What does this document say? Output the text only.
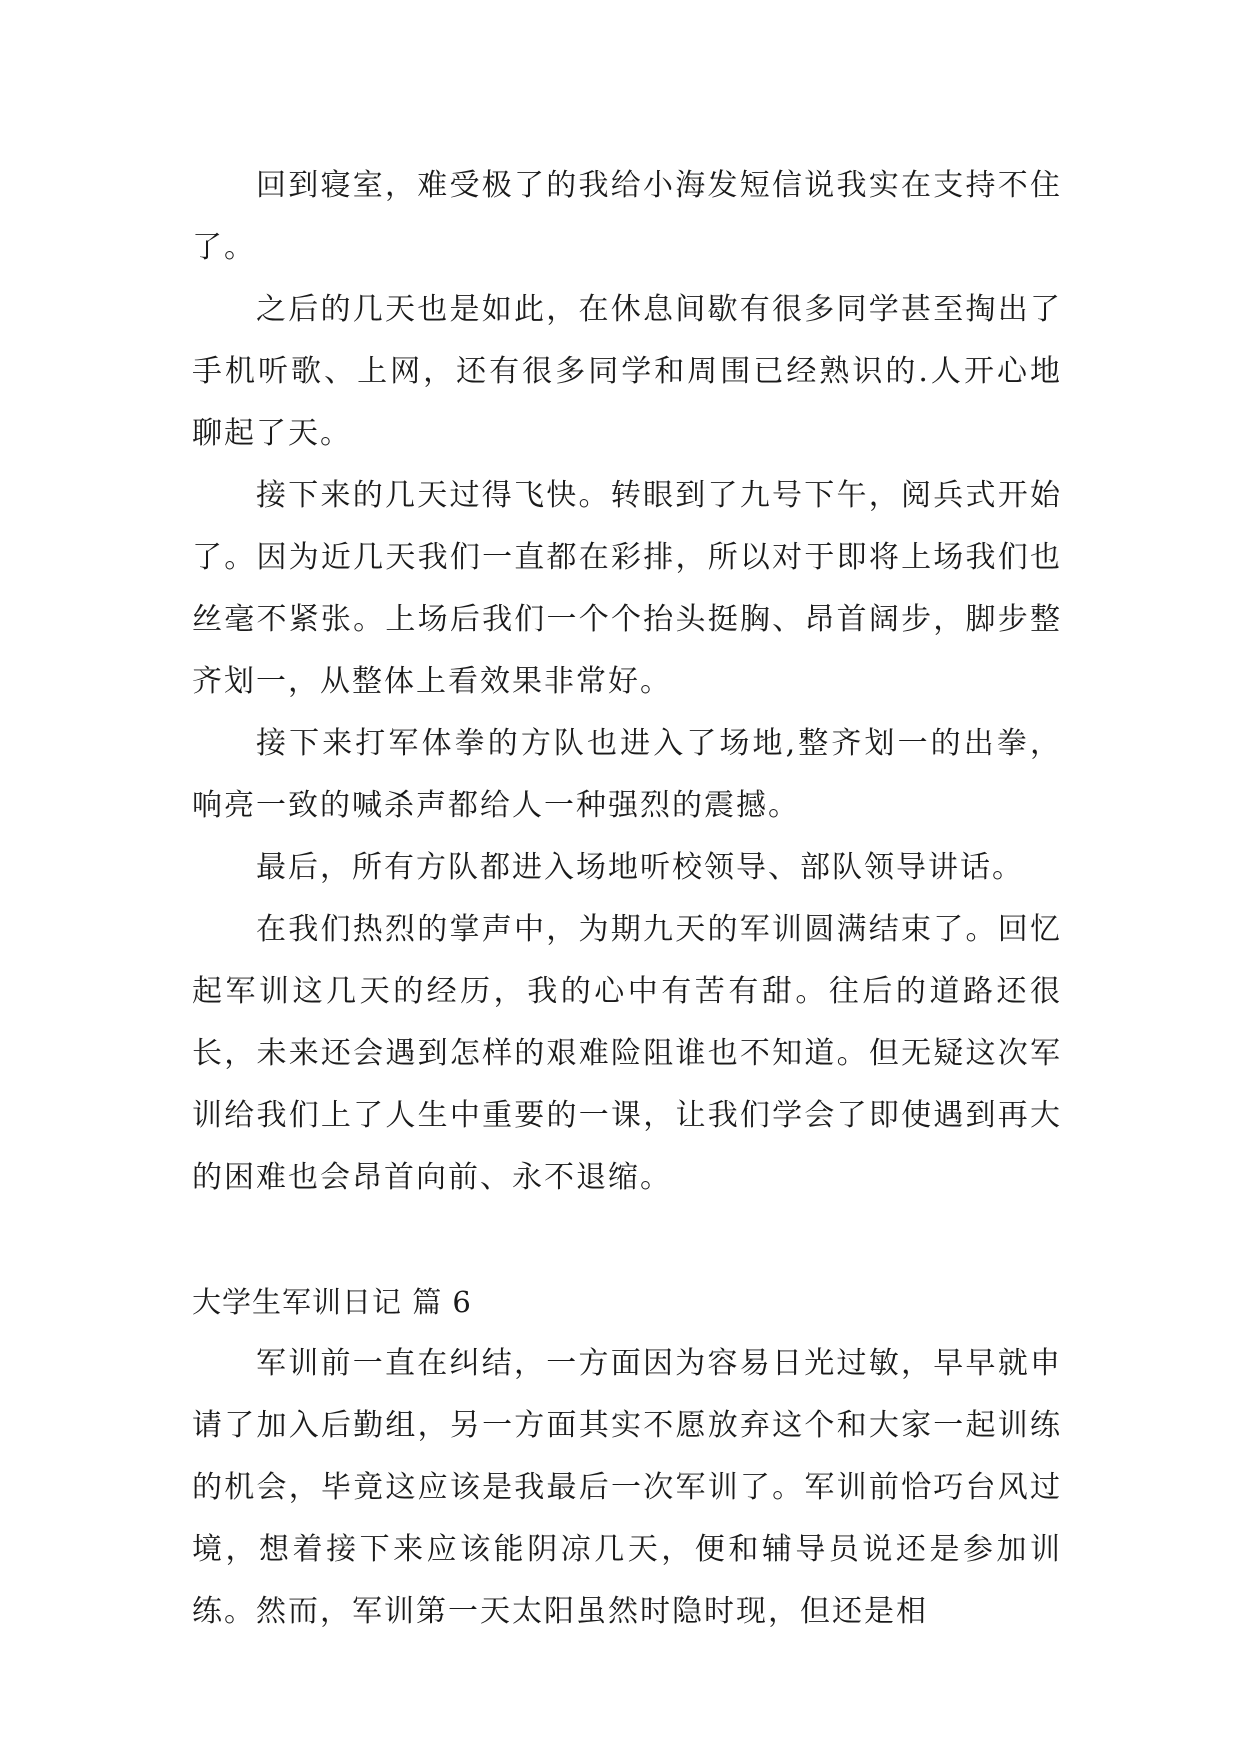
回到寝室，难受极了的我给小海发短信说我实在支持不住了。

之后的几天也是如此，在休息间歇有很多同学甚至掏出了手机听歌、上网，还有很多同学和周围已经熟识的.人开心地聊起了天。

接下来的几天过得飞快。转眼到了九号下午，阅兵式开始了。因为近几天我们一直都在彩排，所以对于即将上场我们也丝毫不紧张。上场后我们一个个抬头挺胸、昂首阔步，脚步整齐划一，从整体上看效果非常好。

接下来打军体拳的方队也进入了场地,整齐划一的出拳，响亮一致的喊杀声都给人一种强烈的震撼。

最后，所有方队都进入场地听校领导、部队领导讲话。

在我们热烈的掌声中，为期九天的军训圆满结束了。回忆起军训这几天的经历，我的心中有苦有甜。往后的道路还很长，未来还会遇到怎样的艰难险阻谁也不知道。但无疑这次军训给我们上了人生中重要的一课，让我们学会了即使遇到再大的困难也会昂首向前、永不退缩。

大学生军训日记 篇 6

军训前一直在纠结，一方面因为容易日光过敏，早早就申请了加入后勤组，另一方面其实不愿放弃这个和大家一起训练的机会，毕竟这应该是我最后一次军训了。军训前恰巧台风过境，想着接下来应该能阴凉几天，便和辅导员说还是参加训练。然而，军训第一天太阳虽然时隐时现，但还是相
